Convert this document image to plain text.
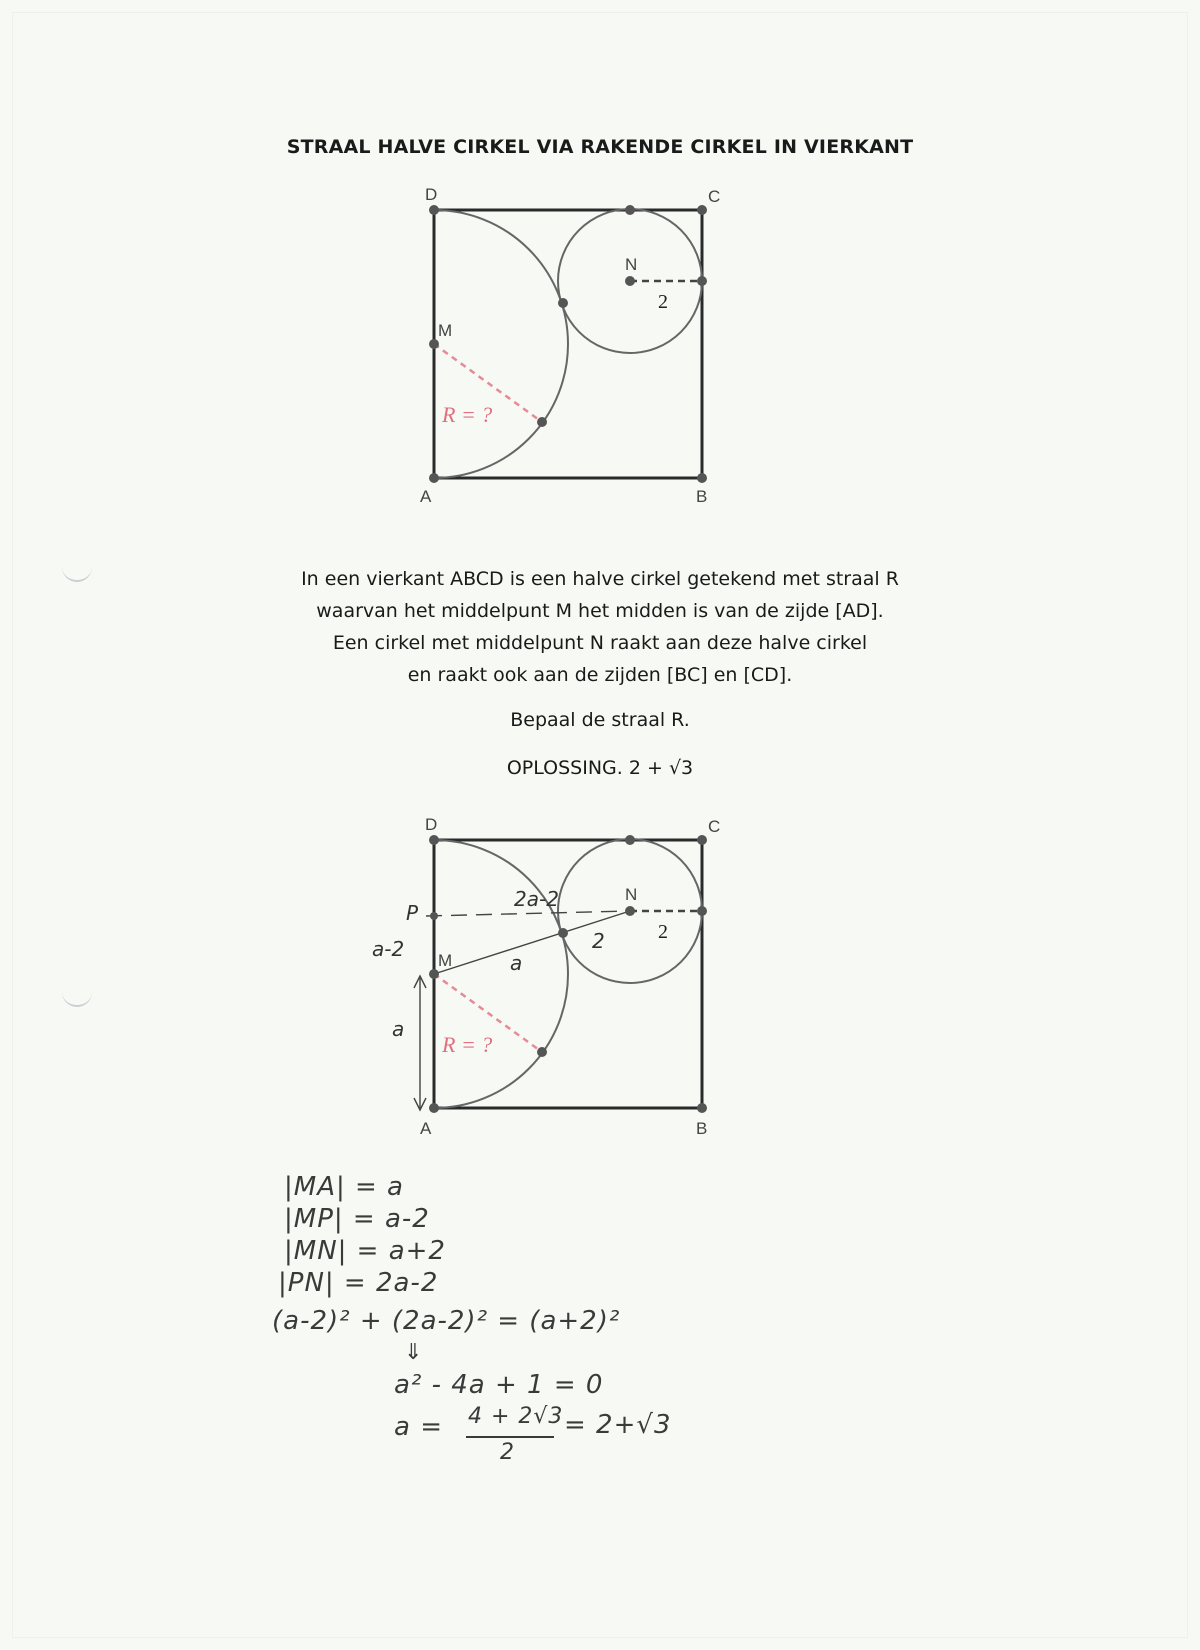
STRAAL HALVE CIRKEL VIA RAKENDE CIRKEL IN VIERKANT
D	C
A	B
N
M
2
R = ?
In een vierkant ABCD is een halve cirkel getekend met straal R
waarvan het middelpunt M het midden is van de zijde [AD].
Een cirkel met middelpunt N raakt aan deze halve cirkel
en raakt ook aan de zijden [BC] en [CD].
Bepaal de straal R.
OPLOSSING. 2 + √3
D	C
A	B
N
M
2
R = ?
P
2a-2
a-2
a
2
a
|MA| = a
|MP| = a-2
|MN| = a+2
|PN| = 2a-2
(a-2)² + (2a-2)² = (a+2)²
⇓
a² - 4a + 1 = 0
a = 4 + 2√3
2
= 2+√3
